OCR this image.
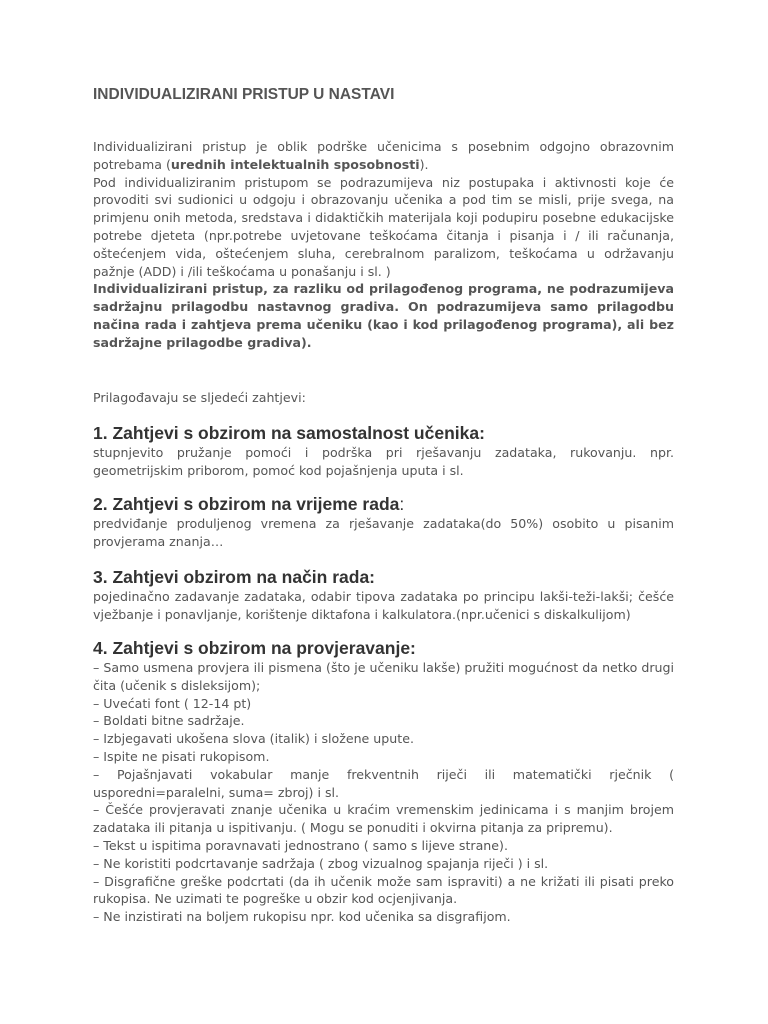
INDIVIDUALIZIRANI PRISTUP U NASTAVI

Individualizirani pristup je oblik podrške učenicima s posebnim odgojno obrazovnim potrebama (urednih intelektualnih sposobnosti).

Pod individualiziranim pristupom se podrazumijeva niz postupaka i aktivnosti koje će provoditi svi sudionici u odgoju i obrazovanju učenika a pod tim se misli, prije svega, na primjenu onih metoda, sredstava i didaktičkih materijala koji podupiru posebne edukacijske potrebe djeteta (npr.potrebe uvjetovane teškoćama čitanja i pisanja i / ili računanja, oštećenjem vida, oštećenjem sluha, cerebralnom paralizom, teškoćama u održavanju pažnje (ADD) i /ili teškoćama u ponašanju i sl. )

Individualizirani pristup, za razliku od prilagođenog programa, ne podrazumijeva sadržajnu prilagodbu nastavnog gradiva. On podrazumijeva samo prilagodbu načina rada i zahtjeva prema učeniku (kao i kod prilagođenog programa), ali bez sadržajne prilagodbe gradiva).

Prilagođavaju se sljedeći zahtjevi:

1. Zahtjevi s obzirom na samostalnost učenika:

stupnjevito pružanje pomoći i podrška pri rješavanju zadataka, rukovanju. npr. geometrijskim priborom, pomoć kod pojašnjenja uputa i sl.

2. Zahtjevi s obzirom na vrijeme rada:

predviđanje produljenog vremena za rješavanje zadataka(do 50%) osobito u pisanim provjerama znanja…

3. Zahtjevi obzirom na način rada:

pojedinačno zadavanje zadataka, odabir tipova zadataka po principu lakši-teži-lakši; češće vježbanje i ponavljanje, korištenje diktafona i kalkulatora.(npr.učenici s diskalkulijom)

4. Zahtjevi s obzirom na provjeravanje:
– Samo usmena provjera ili pismena (što je učeniku lakše) pružiti mogućnost da netko drugi čita (učenik s disleksijom);
– Uvećati font ( 12-14 pt)
– Boldati bitne sadržaje.
– Izbjegavati ukošena slova (italik) i složene upute.
– Ispite ne pisati rukopisom.
– Pojašnjavati vokabular manje frekventnih riječi ili matematički rječnik ( usporedni=paralelni, suma= zbroj) i sl.
– Češće provjeravati znanje učenika u kraćim vremenskim jedinicama i s manjim brojem zadataka ili pitanja u ispitivanju. ( Mogu se ponuditi i okvirna pitanja za pripremu).
– Tekst u ispitima poravnavati jednostrano ( samo s lijeve strane).
– Ne koristiti podcrtavanje sadržaja ( zbog vizualnog spajanja riječi ) i sl.
– Disgrafične greške podcrtati (da ih učenik može sam ispraviti) a ne križati ili pisati preko rukopisa. Ne uzimati te pogreške u obzir kod ocjenjivanja.
– Ne inzistirati na boljem rukopisu npr. kod učenika sa disgrafijom.
